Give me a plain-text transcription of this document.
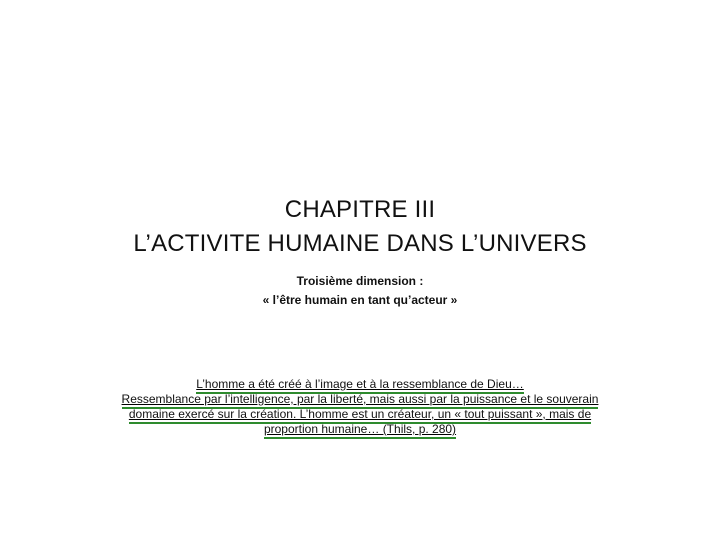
CHAPITRE III
L’ACTIVITE HUMAINE DANS L’UNIVERS
Troisième dimension :
« l’être humain en tant qu’acteur »
L’homme a été créé à l’image et à la ressemblance de Dieu…
Ressemblance par l’intelligence, par la liberté, mais aussi par la puissance et le souverain
domaine exercé sur la création. L’homme est un créateur, un « tout puissant », mais de
proportion humaine… (Thils, p. 280)
